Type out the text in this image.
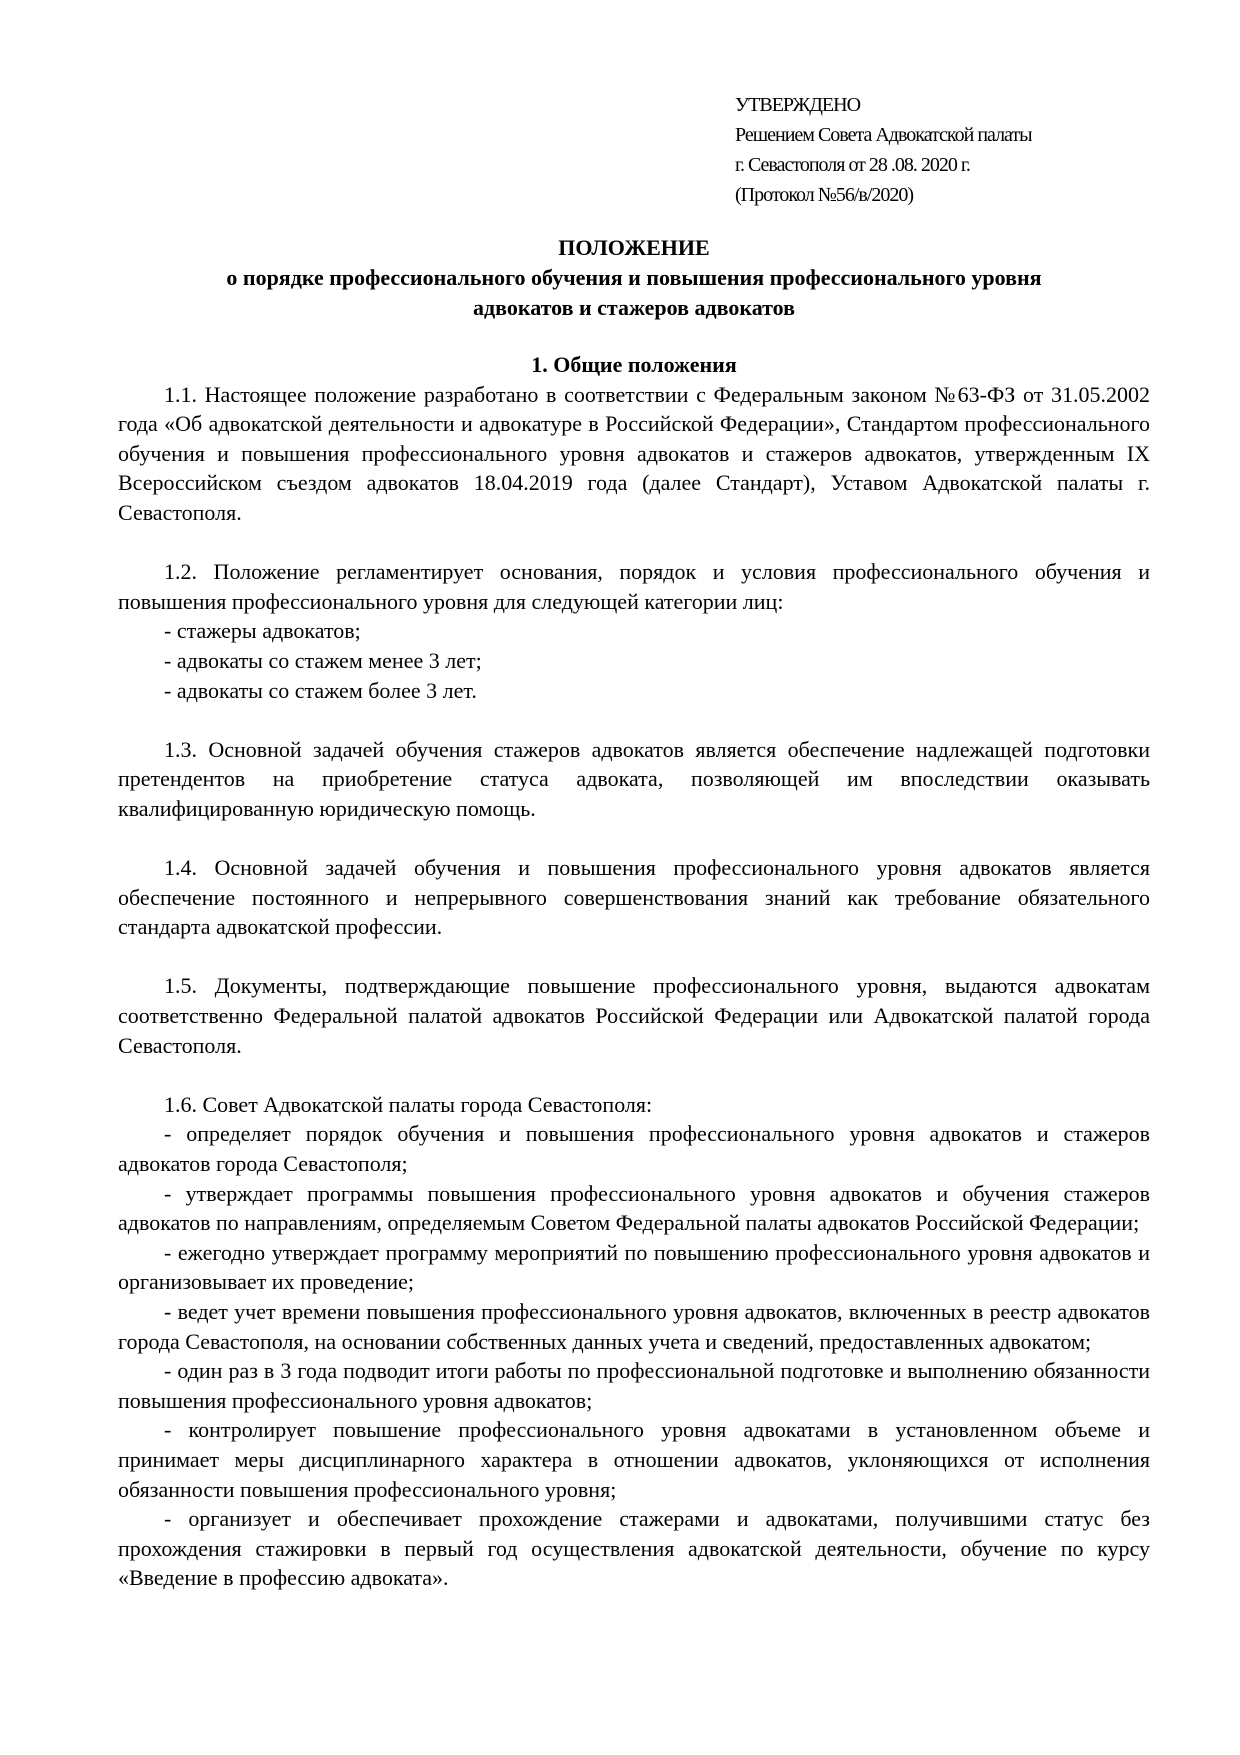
УТВЕРЖДЕНО
Решением Совета Адвокатской палаты
г. Севастополя от 28 .08. 2020 г.
(Протокол №56/в/2020)
ПОЛОЖЕНИЕ
о порядке профессионального обучения и повышения профессионального уровня
адвокатов и стажеров адвокатов

1. Общие положения

1.1. Настоящее положение разработано в соответствии с Федеральным законом №63-ФЗ от 31.05.2002 года «Об адвокатской деятельности и адвокатуре в Российской Федерации», Стандартом профессионального обучения и повышения профессионального уровня адвокатов и стажеров адвокатов, утвержденным IX Всероссийском съездом адвокатов 18.04.2019 года (далее Стандарт), Уставом Адвокатской палаты г. Севастополя.

1.2. Положение регламентирует основания, порядок и условия профессионального обучения и повышения профессионального уровня для следующей категории лиц:

- стажеры адвокатов;

- адвокаты со стажем менее 3 лет;

- адвокаты со стажем более 3 лет.

1.3. Основной задачей обучения стажеров адвокатов является обеспечение надлежащей подготовки претендентов на приобретение статуса адвоката, позволяющей им впоследствии оказывать квалифицированную юридическую помощь.

1.4. Основной задачей обучения и повышения профессионального уровня адвокатов является обеспечение постоянного и непрерывного совершенствования знаний как требование обязательного стандарта адвокатской профессии.

1.5. Документы, подтверждающие повышение профессионального уровня, выдаются адвокатам соответственно Федеральной палатой адвокатов Российской Федерации или Адвокатской палатой города Севастополя.

1.6. Совет Адвокатской палаты города Севастополя:

- определяет порядок обучения и повышения профессионального уровня адвокатов и стажеров адвокатов города Севастополя;

- утверждает программы повышения профессионального уровня адвокатов и обучения стажеров адвокатов по направлениям, определяемым Советом Федеральной палаты адвокатов Российской Федерации;

- ежегодно утверждает программу мероприятий по повышению профессионального уровня адвокатов и организовывает их проведение;

- ведет учет времени повышения профессионального уровня адвокатов, включенных в реестр адвокатов города Севастополя, на основании собственных данных учета и сведений, предоставленных адвокатом;

- один раз в 3 года подводит итоги работы по профессиональной подготовке и выполнению обязанности повышения профессионального уровня адвокатов;

- контролирует повышение профессионального уровня адвокатами в установленном объеме и принимает меры дисциплинарного характера в отношении адвокатов, уклоняющихся от исполнения обязанности повышения профессионального уровня;

- организует и обеспечивает прохождение стажерами и адвокатами, получившими статус без прохождения стажировки в первый год осуществления адвокатской деятельности, обучение по курсу «Введение в профессию адвоката».
